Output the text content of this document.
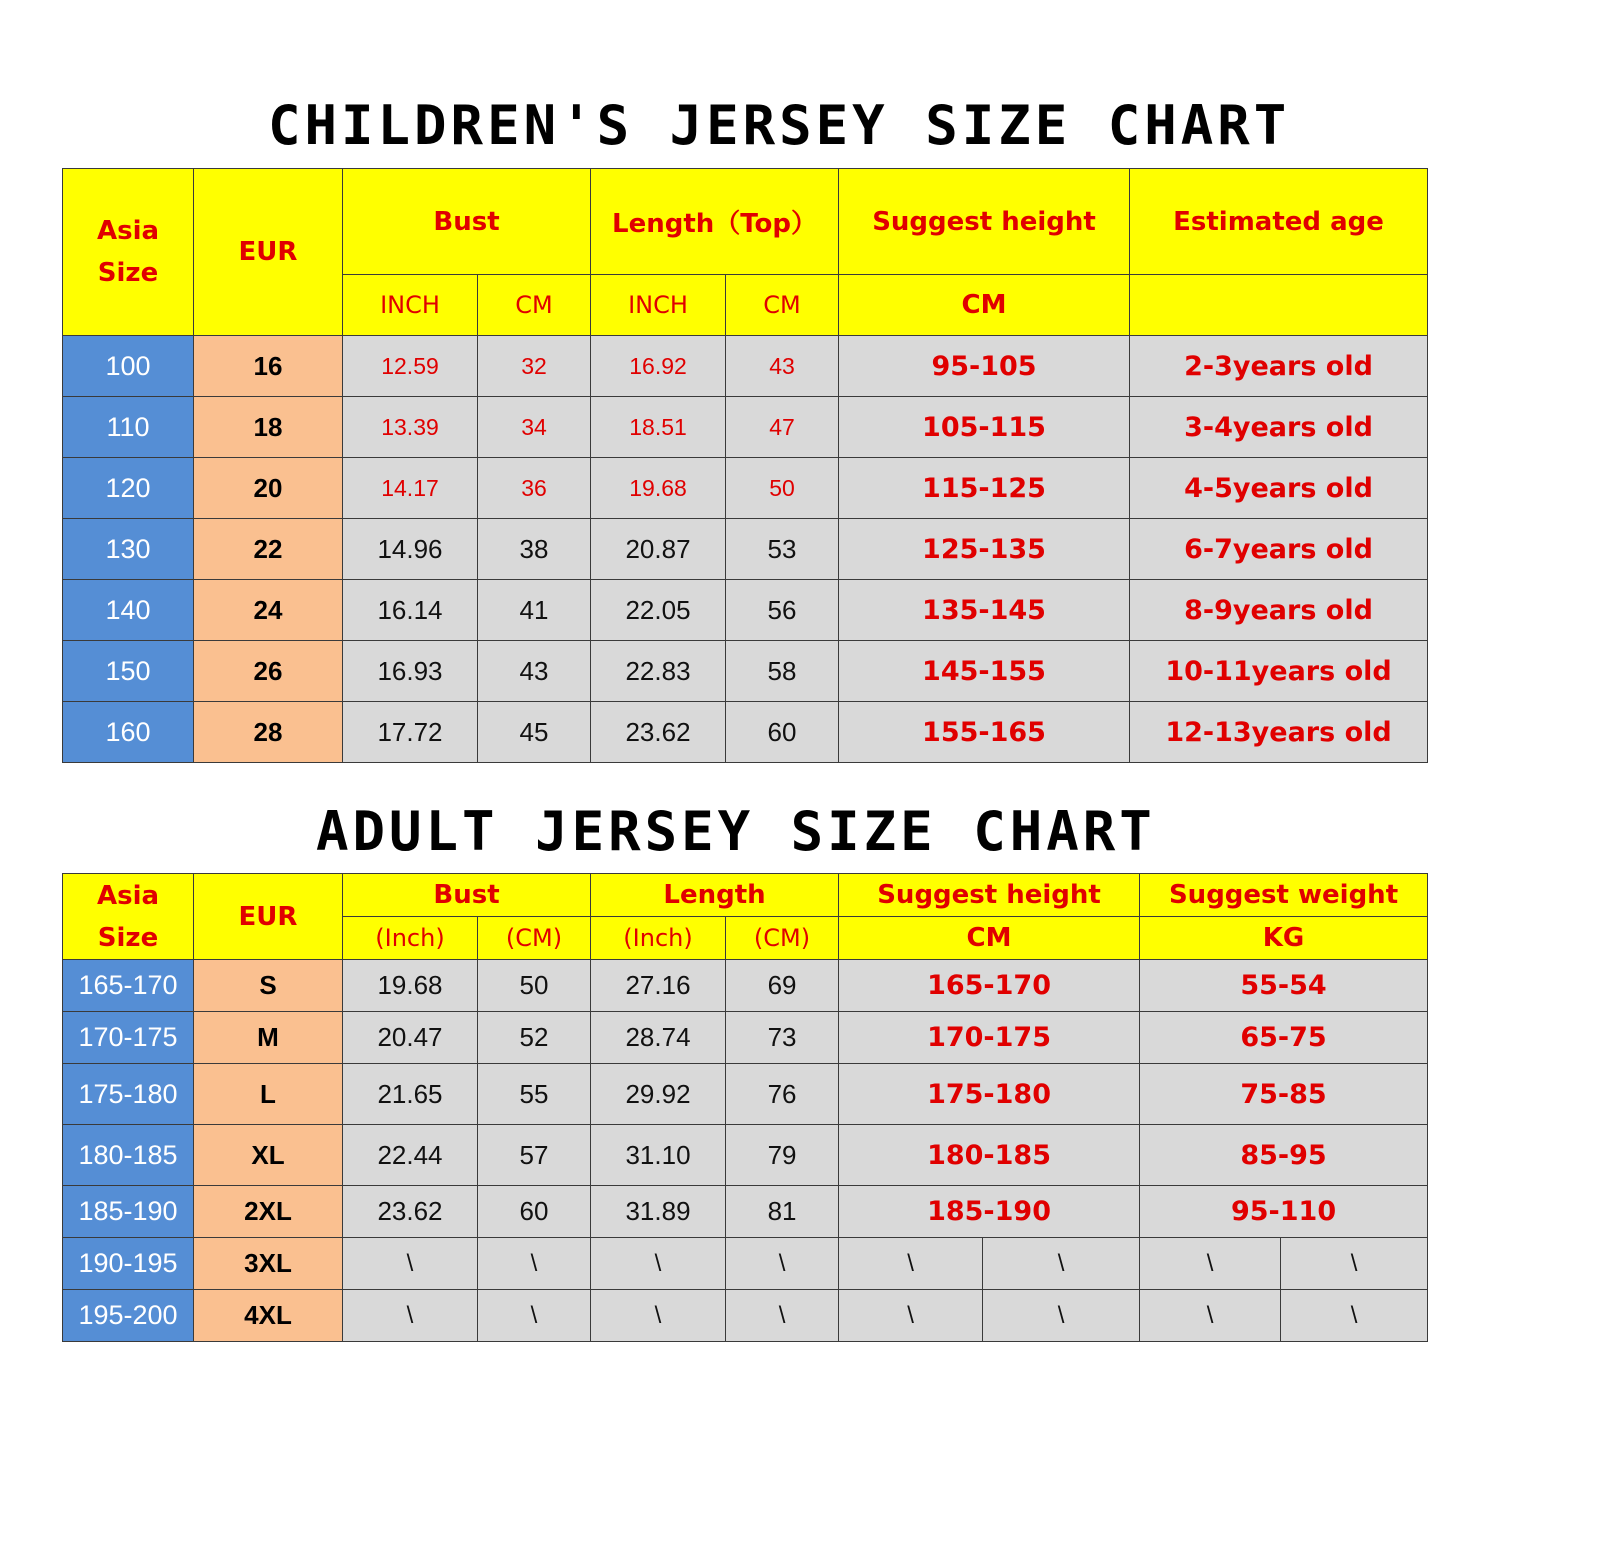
CHILDREN'S JERSEY SIZE CHART
Asia Size	EUR	Bust		Length（Top）		Suggest height	Estimated age
		INCH	CM	INCH	CM	CM	
100	16	12.59	32	16.92	43	95-105	2-3years old
110	18	13.39	34	18.51	47	105-115	3-4years old
120	20	14.17	36	19.68	50	115-125	4-5years old
130	22	14.96	38	20.87	53	125-135	6-7years old
140	24	16.14	41	22.05	56	135-145	8-9years old
150	26	16.93	43	22.83	58	145-155	10-11years old
160	28	17.72	45	23.62	60	155-165	12-13years old
ADULT JERSEY SIZE CHART
Asia Size	EUR	Bust		Length		Suggest height		Suggest weight	
		(Inch)	(CM)	(Inch)	(CM)	CM		KG	
165-170	S	19.68	50	27.16	69	165-170		55-54	
170-175	M	20.47	52	28.74	73	170-175		65-75	
175-180	L	21.65	55	29.92	76	175-180		75-85	
180-185	XL	22.44	57	31.10	79	180-185		85-95	
185-190	2XL	23.62	60	31.89	81	185-190		95-110	
190-195	3XL	\	\	\	\	\	\	\	\
195-200	4XL	\	\	\	\	\	\	\	\
